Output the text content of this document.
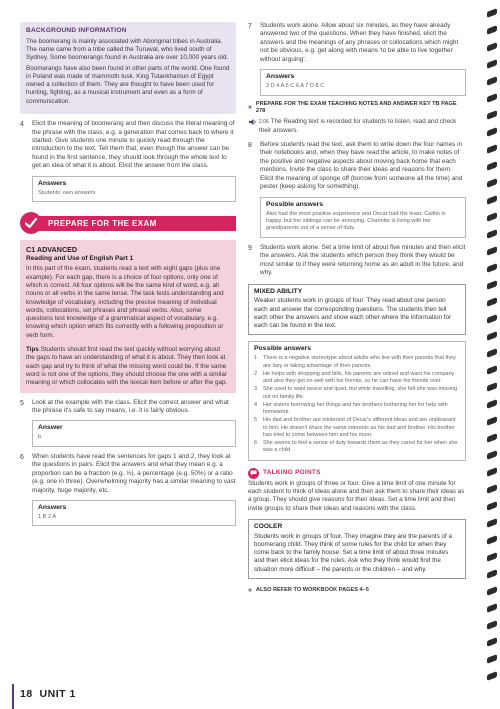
BACKGROUND INFORMATION

The boomerang is mainly associated with Aboriginal tribes in Australia. The name came from a tribe called the Turuwal, who lived south of Sydney. Some boomerangs found in Australia are over 10,000 years old.

Boomerangs have also been found in other parts of the world. One found in Poland was made of mammoth tusk. King Tutankhamun of Egypt owned a collection of them. They are thought to have been used for hunting, fighting, as a musical instrument and even as a form of communication.

4	Elicit the meaning of boomerang and then discuss the literal meaning of the phrase with the class, e.g. a generation that comes back to where it started. Give students one minute to quickly read through the introduction to the text. Tell them that, even though the answer can be found in the first sentence, they should look through the whole text to get an idea of what it is about. Elicit the answer from the class.
Answers
Students' own answers
PREPARE FOR THE EXAM
C1 ADVANCED
Reading and Use of English Part 1
In this part of the exam, students read a text with eight gaps (plus one example). For each gap, there is a choice of four options, only one of which is correct. All four options will be the same kind of word, e.g. all nouns or all verbs in the same tense. The task tests understanding and knowledge of vocabulary, including the precise meaning of individual words, collocations, set phrases and phrasal verbs. Also, some questions test knowledge of a grammatical aspect of vocabulary, e.g. knowing which option which fits correctly with a following preposition or verb form.
Tips Students should first read the text quickly without worrying about the gaps to have an understanding of what it is about. They then look at each gap and try to think of what the missing word could be. If the same word is not one of the options, they should choose the one with a similar meaning or which collocates with the lexical item before or after the gap.
5	Look at the example with the class. Elicit the correct answer and what the phrase it's safe to say means, i.e. it is fairly obvious.
Answer
b
6	When students have read the sentences for gaps 1 and 2, they look at the questions in pairs. Elicit the answers and what they mean e.g. a proportion can be a fraction (e.g. ⅓), a percentage (e.g. 50%) or a ratio (e.g. one in three). Overwhelming majority has a similar meaning to vast majority, huge majority, etc.
Answers
1 B 2 A
7	Students work alone. Allow about six minutes, as they have already answered two of the questions. When they have finished, elicit the answers and the meanings of any phrases or collocations which might not be obvious, e.g. get along with means 'to be able to live together without arguing'.
Answers
3 D 4 A 5 C 6 A 7 D 8 C
»
PREPARE FOR THE EXAM TEACHING NOTES AND ANSWER KEY TB PAGE 278
2.06 The Reading text is recorded for students to listen, read and check their answers.
8	Before students read the text, ask them to write down the four names in their notebooks and, when they have read the article, to make notes of the positive and negative aspects about moving back home that each mentions. Invite the class to share their ideas and reasons for them. Elicit the meaning of sponge off (borrow from someone all the time) and pester (keep asking for something).
Possible answers
Alex had the most positive experience and Oscar had the least. Caitlin is happy, but her siblings can be annoying. Charlotte is living with her grandparents out of a sense of duty.
9	Students work alone. Set a time limit of about five minutes and then elicit the answers. Ask the students which person they think they would be most similar to if they were returning home as an adult in the future, and why.
MIXED ABILITY
Weaker students work in groups of four. They read about one person each and answer the corresponding questions. The students then tell each other the answers and show each other where the information for each can be found in the text.
Possible answers
1	There is a negative stereotype about adults who live with their parents that they are lazy or taking advantage of their parents.
2	He helps with shopping and bills, his parents are retired and want his company and also they get on well with his friends, so he can have his friends over.
3	She used to want peace and quiet, but while travelling, she felt she was missing out on family life.
4	Her sisters borrowing her things and her brothers bothering her for help with homework.
5	His dad and brother are intolerant of Oscar's different ideas and are unpleasant to him. He doesn't share the same interests as his dad and brother. His brother has tried to come between him and his mum.
6	She seems to feel a sense of duty towards them as they cared for her when she was a child.
TALKING POINTS
Students work in groups of three or four. Give a time limit of one minute for each student to think of ideas alone and then ask them to share their ideas as a group. They should give reasons for their ideas. Set a time limit and then invite groups to share their ideas and reasons with the class.
COOLER
Students work in groups of four. They imagine they are the parents of a boomerang child. They think of some rules for the child for when they come back to the family house. Set a time limit of about three minutes and then elicit ideas for the rules. Ask who they think would find the situation more difficult – the parents or the children – and why.
» ALSO REFER TO WORKBOOK PAGES 4–5
18 UNIT 1
